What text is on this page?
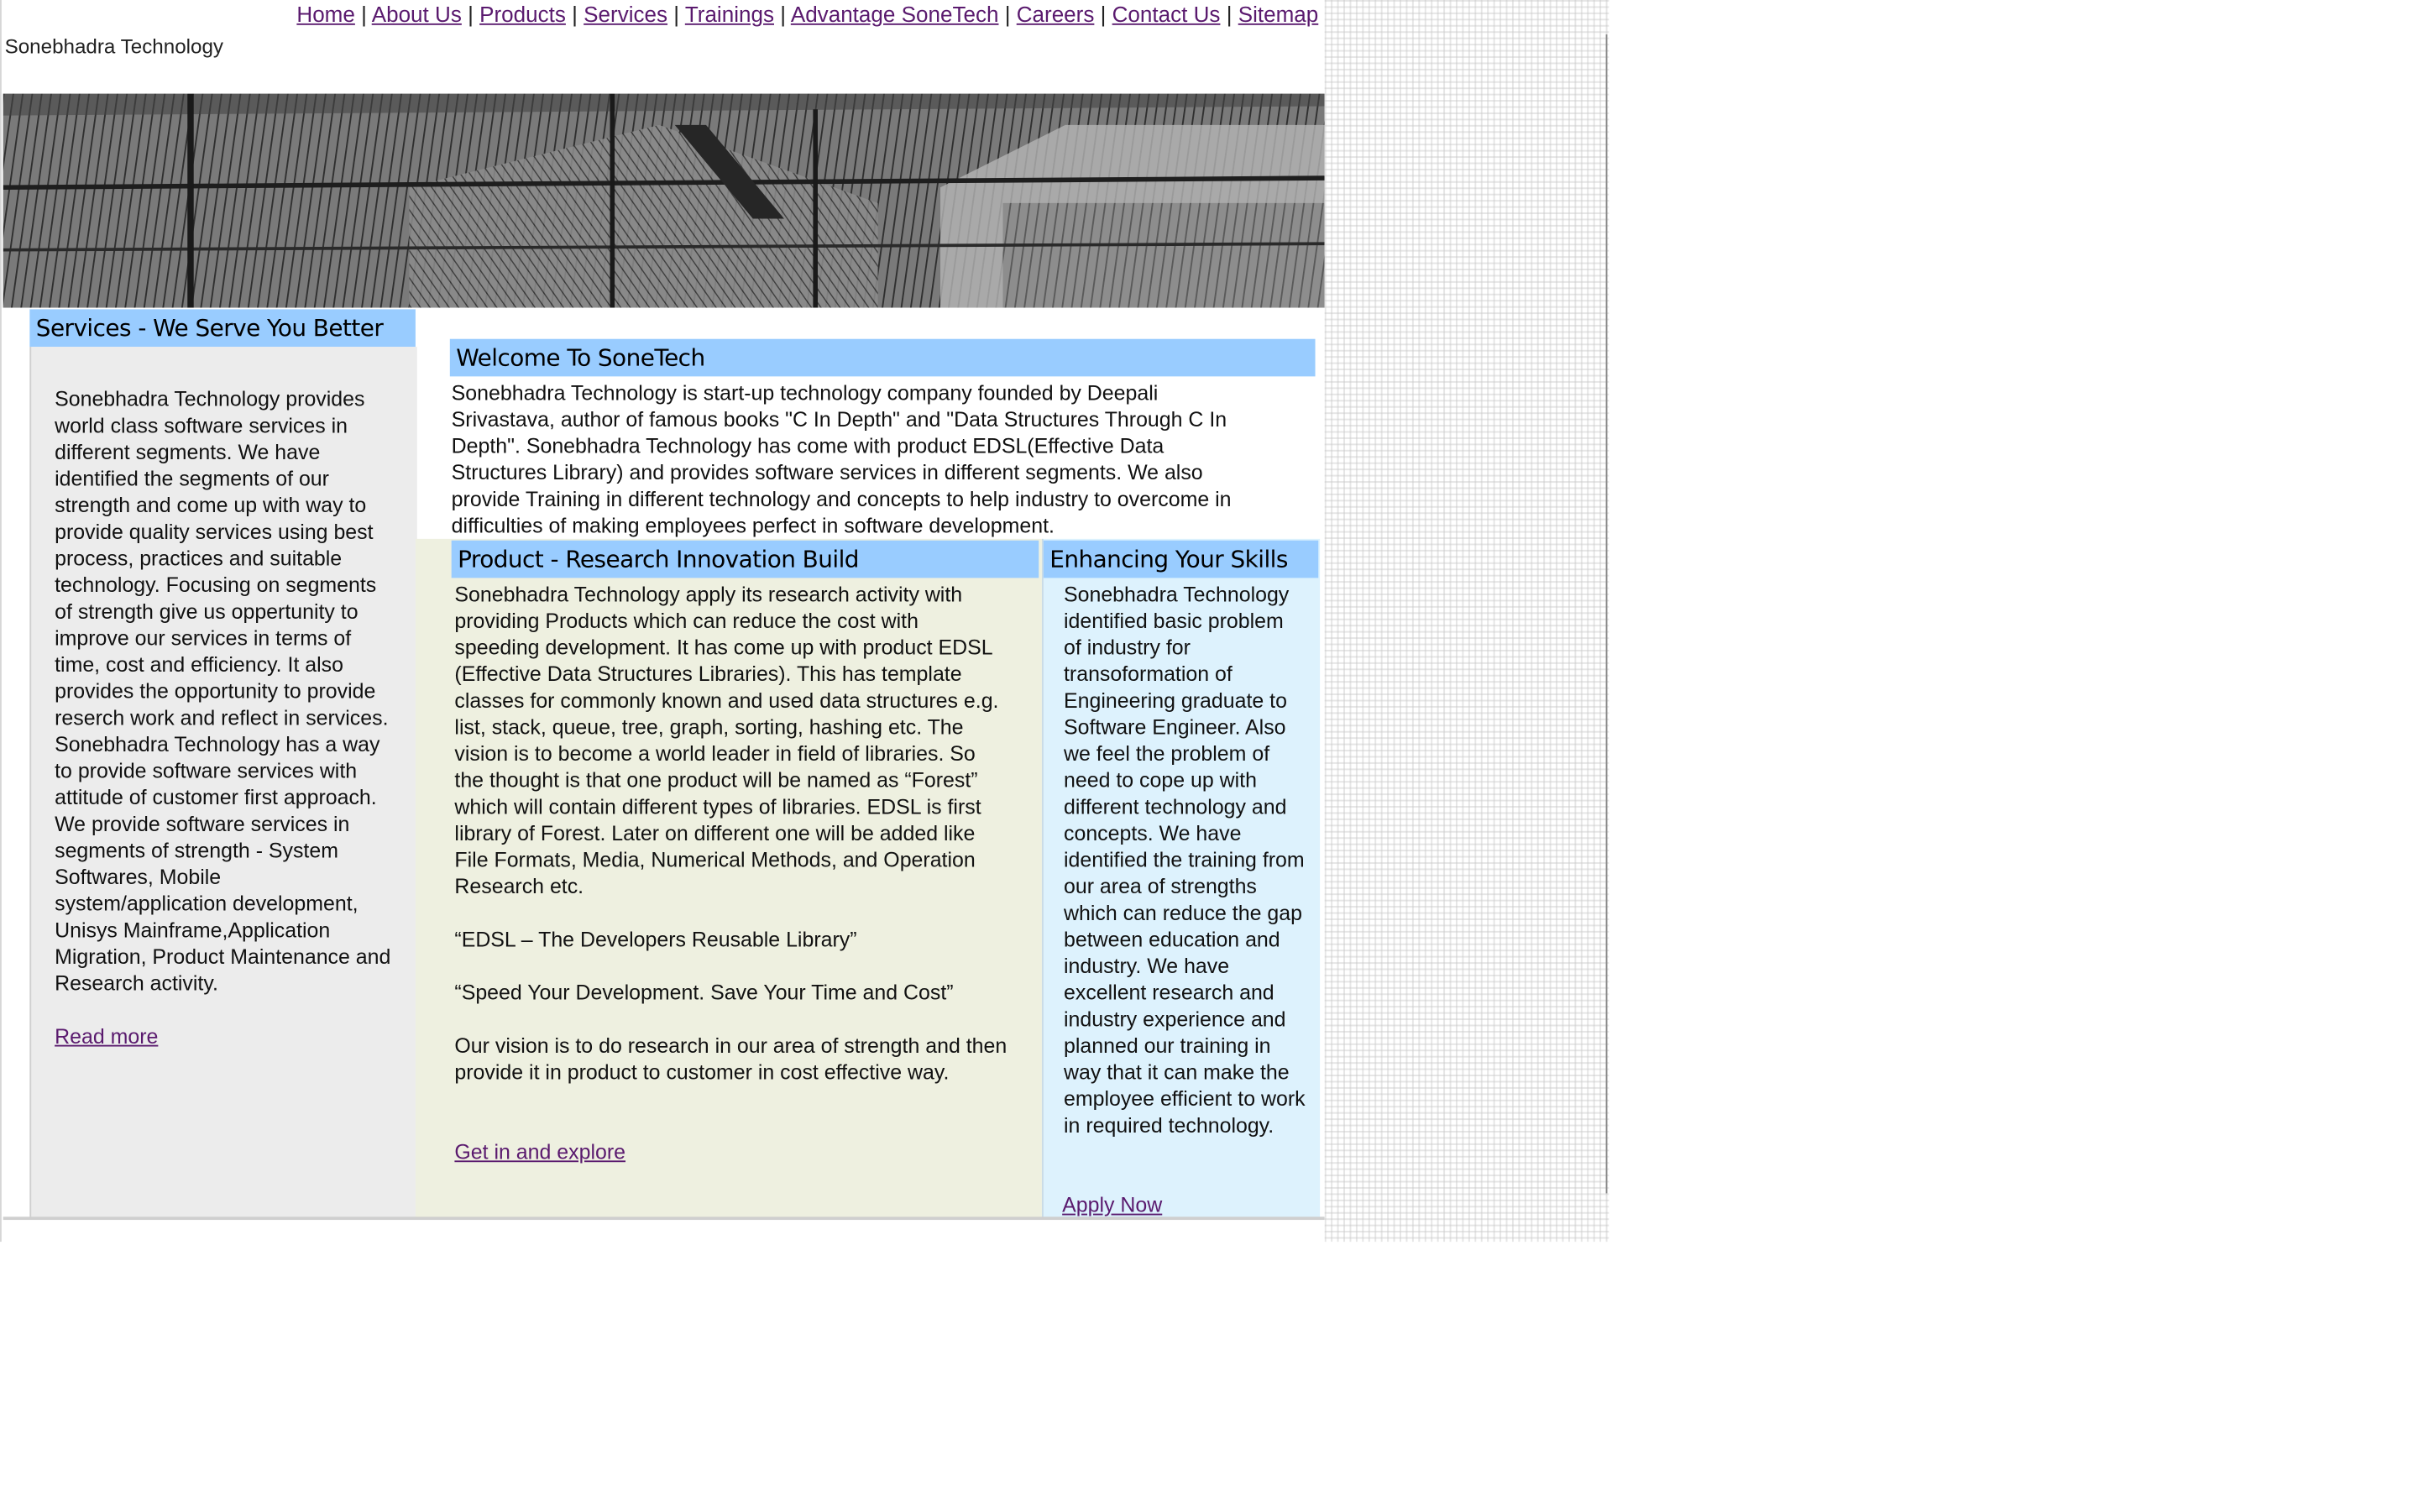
Home | About Us | Products | Services | Trainings | Advantage SoneTech | Careers | Contact Us | Sitemap
Sonebhadra Technology
Services - We Serve You Better
Sonebhadra Technology provides world class software services in different segments. We have identified the segments of our strength and come up with way to provide quality services using best process, practices and suitable technology. Focusing on segments of strength give us oppertunity to improve our services in terms of time, cost and efficiency. It also provides the opportunity to provide reserch work and reflect in services. Sonebhadra Technology has a way to provide software services with attitude of customer first approach. We provide software services in segments of strength - System Softwares, Mobile system/application development, Unisys Mainframe,Application Migration, Product Maintenance and Research activity.
Read more
Welcome To SoneTech
Sonebhadra Technology is start-up technology company founded by Deepali Srivastava, author of famous books "C In Depth" and "Data Structures Through C In Depth". Sonebhadra Technology has come with product EDSL(Effective Data Structures Library) and provides software services in different segments. We also provide Training in different technology and concepts to help industry to overcome in difficulties of making employees perfect in software development.
Product - Research Innovation Build

Sonebhadra Technology apply its research activity with providing Products which can reduce the cost with speeding development. It has come up with product EDSL (Effective Data Structures Libraries). This has template classes for commonly known and used data structures e.g. list, stack, queue, tree, graph, sorting, hashing etc. The vision is to become a world leader in field of libraries. So the thought is that one product will be named as “Forest” which will contain different types of libraries. EDSL is first library of Forest. Later on different one will be added like File Formats, Media, Numerical Methods, and Operation Research etc.

“EDSL – The Developers Reusable Library”

“Speed Your Development. Save Your Time and Cost”

Our vision is to do research in our area of strength and then provide it in product to customer in cost effective way.

Get in and explore
Enhancing Your Skills
Sonebhadra Technology identified basic problem of industry for transoformation of Engineering graduate to Software Engineer. Also we feel the problem of need to cope up with different technology and concepts. We have identified the training from our area of strengths which can reduce the gap between education and industry. We have excellent research and industry experience and planned our training in way that it can make the employee efficient to work in required technology.
Apply Now
